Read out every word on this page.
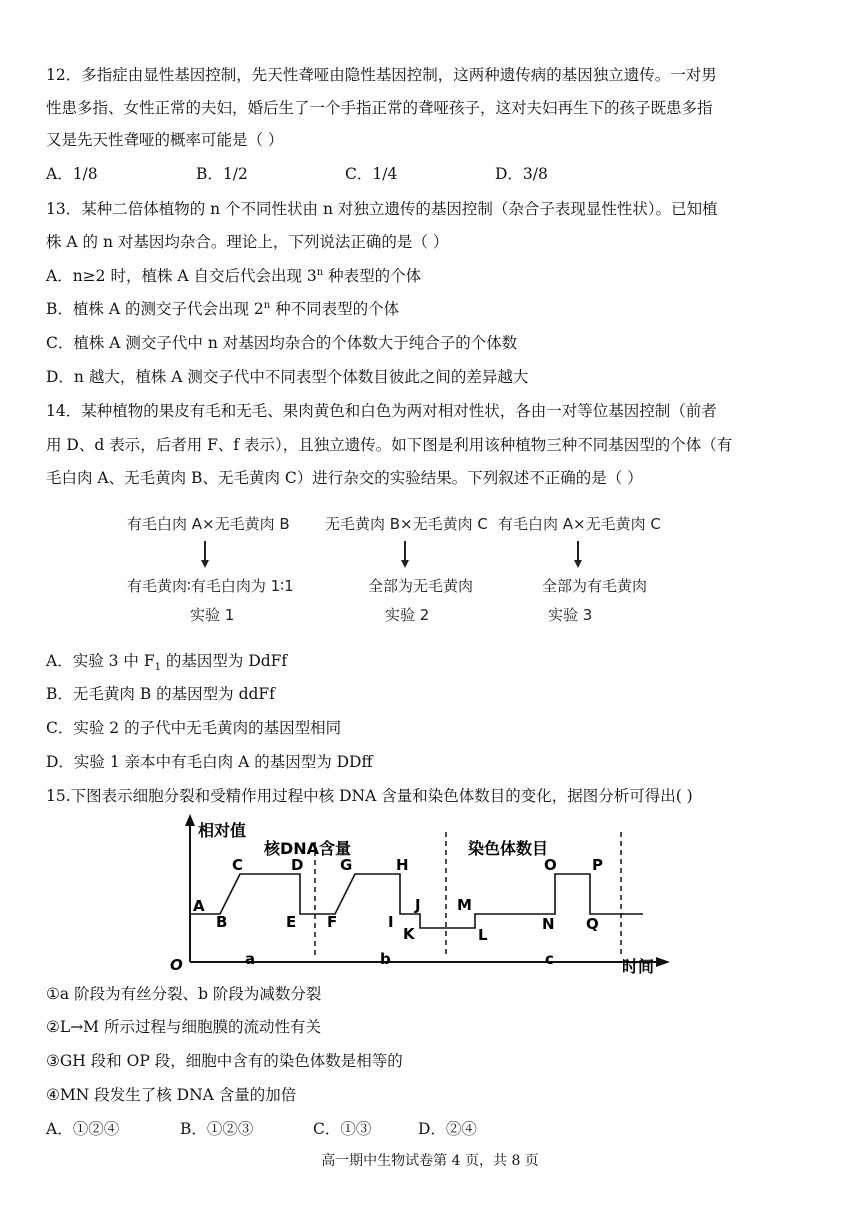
12．多指症由显性基因控制，先天性聋哑由隐性基因控制，这两种遗传病的基因独立遗传。一对男
性患多指、女性正常的夫妇，婚后生了一个手指正常的聋哑孩子，这对夫妇再生下的孩子既患多指
又是先天性聋哑的概率可能是（ ）
A．1/8	B．1/2	C．1/4	D．3/8
13．某种二倍体植物的 n 个不同性状由 n 对独立遗传的基因控制（杂合子表现显性性状）。已知植
株 A 的 n 对基因均杂合。理论上，下列说法正确的是（ ）
A．n≥2 时，植株 A 自交后代会出现 3$^n$ 种表型的个体
B．植株 A 的测交子代会出现 2$^n$ 种不同表型的个体
C．植株 A 测交子代中 n 对基因均杂合的个体数大于纯合子的个体数
D．n 越大，植株 A 测交子代中不同表型个体数目彼此之间的差异越大
14．某种植物的果皮有毛和无毛、果肉黄色和白色为两对相对性状，各由一对等位基因控制（前者
用 D、d 表示，后者用 F、f 表示），且独立遗传。如下图是利用该种植物三种不同基因型的个体（有
毛白肉 A、无毛黄肉 B、无毛黄肉 C）进行杂交的实验结果。下列叙述不正确的是（ ）
有毛白肉 A×无毛黄肉 B
有毛黄肉∶有毛白肉为 1∶1
实验 1
无毛黄肉 B×无毛黄肉 C
全部为无毛黄肉
实验 2
有毛白肉 A×无毛黄肉 C
全部为有毛黄肉
实验 3
A．实验 3 中 $F_1$ 的基因型为 DdFf
B．无毛黄肉 B 的基因型为 ddFf
C．实验 2 的子代中无毛黄肉的基因型相同
D．实验 1 亲本中有毛白肉 A 的基因型为 DDff
15.下图表示细胞分裂和受精作用过程中核 DNA 含量和染色体数目的变化，据图分析可得出( )
相对值
时间
O
核DNA含量	染色体数目
A
B
C	D
E F
G	H
I
J
K	L
M
N
O P
Q
a	b	c
①a 阶段为有丝分裂、b 阶段为减数分裂
②L→M 所示过程与细胞膜的流动性有关
③GH 段和 OP 段，细胞中含有的染色体数是相等的
④MN 段发生了核 DNA 含量的加倍
A．①②④	B．①②③	C．①③	D．②④
高一期中生物试卷第 4 页，共 8 页
